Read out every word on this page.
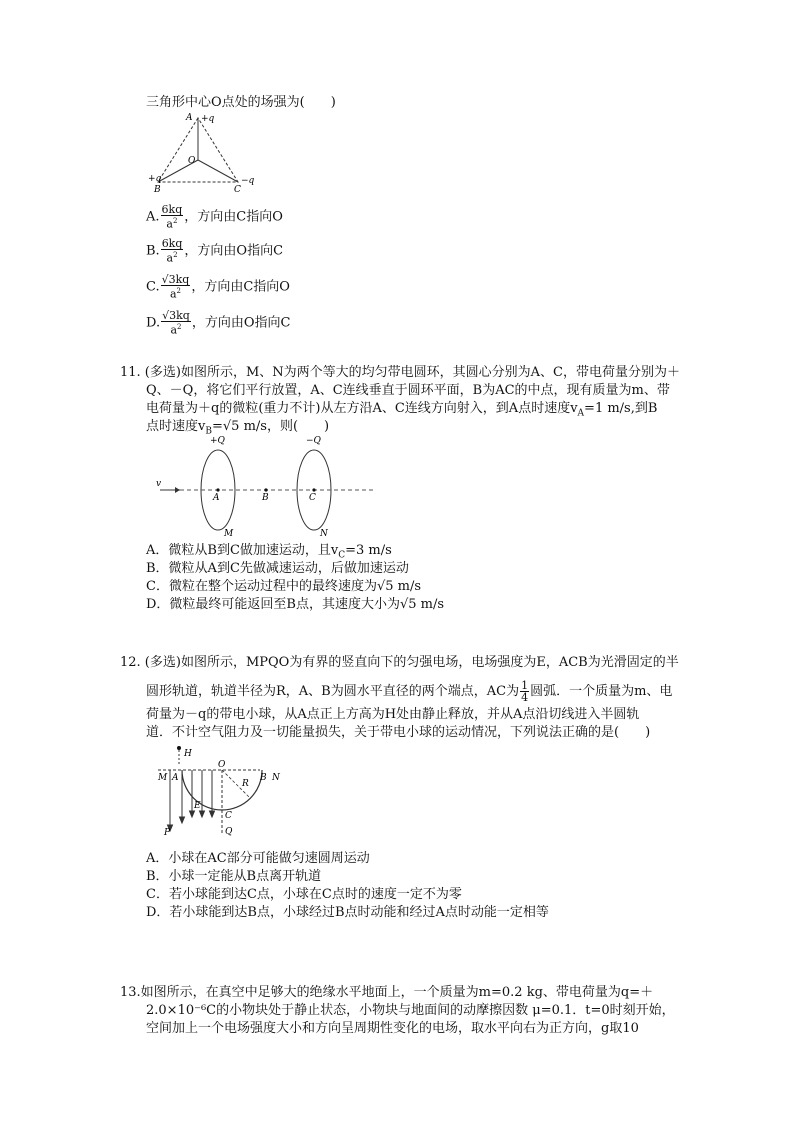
三角形中心O点处的场强为(　　)
A +q
O
+q
B	C
−q
A. $\frac{6kq}{a^2}$ ，方向由C指向O
B. $\frac{6kq}{a^2}$ ，方向由O指向C
C. $\frac{√3kq}{a^2}$ ，方向由C指向O
D. $\frac{√3kq}{a^2}$ ，方向由O指向C
11. (多选)如图所示，M、N为两个等大的均匀带电圆环，其圆心分别为A、C，带电荷量分别为＋
Q、－Q，将它们平行放置，A、C连线垂直于圆环平面，B为AC的中点，现有质量为m、带
电荷量为＋q的微粒(重力不计)从左方沿A、C连线方向射入，到A点时速度$v_A=1$ m/s,到B
点时速度$v_B=√5$ m/s，则(　　)
v
+Q	−Q
A	B	C
M	N
A．微粒从B到C做加速运动，且$v_C=3$ m/s
B．微粒从A到C先做减速运动，后做加速运动
C．微粒在整个运动过程中的最终速度为√5 m/s
D．微粒最终可能返回至B点，其速度大小为√5 m/s
12. (多选)如图所示，MPQO为有界的竖直向下的匀强电场，电场强度为E，ACB为光滑固定的半
圆形轨道，轨道半径为R，A、B为圆水平直径的两个端点，AC为 $\frac{1}{4}$ 圆弧．一个质量为m、电
荷量为－q的带电小球，从A点正上方高为H处由静止释放，并从A点沿切线进入半圆轨
道．不计空气阻力及一切能量损失，关于带电小球的运动情况，下列说法正确的是(　　)
H
M A
O
R
B N
E
C
P	Q
A．小球在AC部分可能做匀速圆周运动
B．小球一定能从B点离开轨道
C．若小球能到达C点，小球在C点时的速度一定不为零
D．若小球能到达B点，小球经过B点时动能和经过A点时动能一定相等
13.如图所示，在真空中足够大的绝缘水平地面上，一个质量为m=0.2 kg、带电荷量为q=＋
2.0×10⁻⁶C的小物块处于静止状态，小物块与地面间的动摩擦因数 μ=0.1．t=0时刻开始，
空间加上一个电场强度大小和方向呈周期性变化的电场，取水平向右为正方向，g取10
